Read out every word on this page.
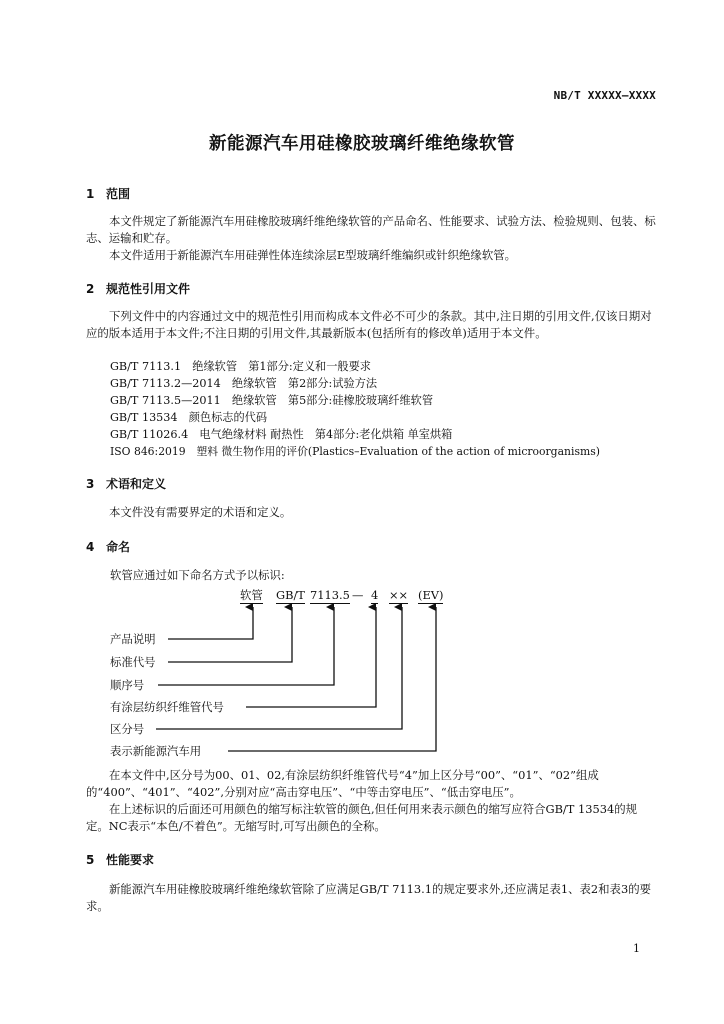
NB/T XXXXX—XXXX
新能源汽车用硅橡胶玻璃纤维绝缘软管
1 范围
本文件规定了新能源汽车用硅橡胶玻璃纤维绝缘软管的产品命名、性能要求、试验方法、检验规则、包装、标志、运输和贮存。
本文件适用于新能源汽车用硅弹性体连续涂层E型玻璃纤维编织或针织绝缘软管。
2 规范性引用文件
下列文件中的内容通过文中的规范性引用而构成本文件必不可少的条款。其中,注日期的引用文件,仅该日期对应的版本适用于本文件;不注日期的引用文件,其最新版本(包括所有的修改单)适用于本文件。
GB/T 7113.1　绝缘软管　第1部分:定义和一般要求
GB/T 7113.2—2014　绝缘软管　第2部分:试验方法
GB/T 7113.5—2011　绝缘软管　第5部分:硅橡胶玻璃纤维软管
GB/T 13534　颜色标志的代码
GB/T 11026.4　电气绝缘材料 耐热性　第4部分:老化烘箱 单室烘箱
ISO 846:2019　塑料 微生物作用的评价(Plastics–Evaluation of the action of microorganisms)
3 术语和定义
本文件没有需要界定的术语和定义。
4 命名
软管应通过如下命名方式予以标识:
软管 GB/T 7113.5 — 4 ×× (EV)
产品说明
标准代号
顺序号
有涂层纺织纤维管代号
区分号
表示新能源汽车用
在本文件中,区分号为00、01、02,有涂层纺织纤维管代号“4”加上区分号“00”、“01”、“02”组成的“400”、“401”、“402”,分别对应“高击穿电压”、“中等击穿电压”、“低击穿电压”。
在上述标识的后面还可用颜色的缩写标注软管的颜色,但任何用来表示颜色的缩写应符合GB/T 13534的规定。NC表示“本色/不着色”。无缩写时,可写出颜色的全称。
5 性能要求
新能源汽车用硅橡胶玻璃纤维绝缘软管除了应满足GB/T 7113.1的规定要求外,还应满足表1、表2和表3的要求。
1
